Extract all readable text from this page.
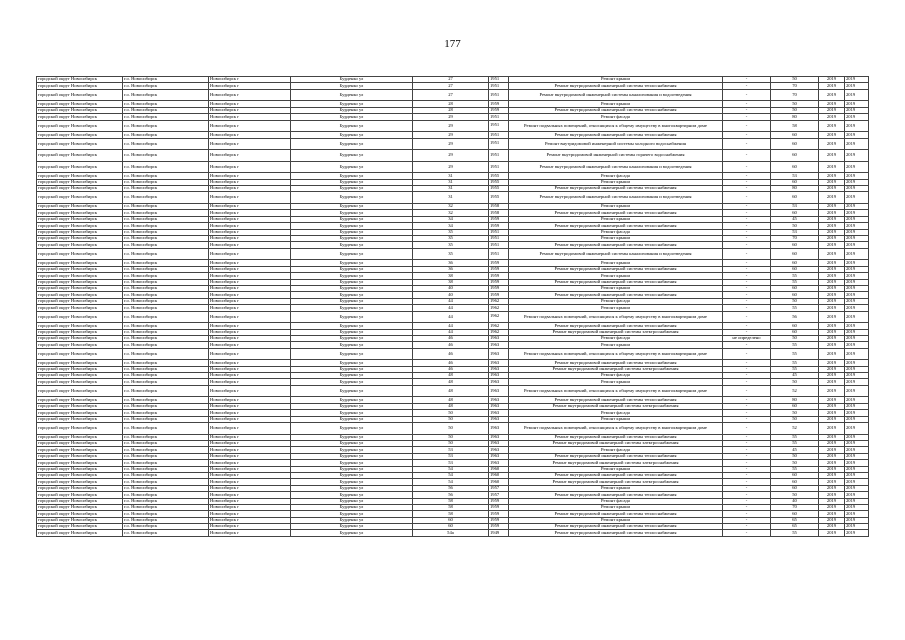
177
городской округ Новосибирск	г.о. Новосибирск	Новосибирск г	Бурденко ул	27	1951	Ремонт крыши	-	50	2019	2019
городской округ Новосибирск	г.о. Новосибирск	Новосибирск г	Бурденко ул	27	1951	Ремонт внутридомовой инженерной системы теплоснабжения	-	70	2019	2019
городской округ Новосибирск	г.о. Новосибирск	Новосибирск г	Бурденко ул	27	1951	Ремонт внутридомовой инженерной системы канализования и водоотведения	-	70	2019	2019
городской округ Новосибирск	г.о. Новосибирск	Новосибирск г	Бурденко ул	28	1959	Ремонт крыши	-	50	2019	2019
городской округ Новосибирск	г.о. Новосибирск	Новосибирск г	Бурденко ул	28	1959	Ремонт внутридомовой инженерной системы теплоснабжения	-	50	2019	2019
городской округ Новосибирск	г.о. Новосибирск	Новосибирск г	Бурденко ул	29	1951	Ремонт фасада	-	80	2019	2019
городской округ Новосибирск	г.о. Новосибирск	Новосибирск г	Бурденко ул	29	1951	Ремонт подвальных помещений, относящихся к общему имуществу в многоквартирном доме	-	58	2019	2019
городской округ Новосибирск	г.о. Новосибирск	Новосибирск г	Бурденко ул	29	1951	Ремонт внутридомовой инженерной системы теплоснабжения	-	60	2019	2019
городской округ Новосибирск	г.о. Новосибирск	Новосибирск г	Бурденко ул	29	1951	Ремонт внутридомовой инженерной системы холодного водоснабжения	-	60	2019	2019
городской округ Новосибирск	г.о. Новосибирск	Новосибирск г	Бурденко ул	29	1951	Ремонт внутридомовой инженерной системы горячего водоснабжения	-	60	2019	2019
городской округ Новосибирск	г.о. Новосибирск	Новосибирск г	Бурденко ул	29	1951	Ремонт внутридомовой инженерной системы канализования и водоотведения	-	60	2019	2019
городской округ Новосибирск	г.о. Новосибирск	Новосибирск г	Бурденко ул	31	1955	Ремонт фасада	-	53	2019	2019
городской округ Новосибирск	г.о. Новосибирск	Новосибирск г	Бурденко ул	31	1955	Ремонт крыши	-	60	2019	2019
городской округ Новосибирск	г.о. Новосибирск	Новосибирск г	Бурденко ул	31	1955	Ремонт внутридомовой инженерной системы теплоснабжения	-	80	2019	2019
городской округ Новосибирск	г.о. Новосибирск	Новосибирск г	Бурденко ул	31	1955	Ремонт внутридомовой инженерной системы канализования и водоотведения	-	60	2019	2019
городской округ Новосибирск	г.о. Новосибирск	Новосибирск г	Бурденко ул	32	1958	Ремонт крыши	-	53	2019	2019
городской округ Новосибирск	г.о. Новосибирск	Новосибирск г	Бурденко ул	32	1958	Ремонт внутридомовой инженерной системы теплоснабжения	-	60	2019	2019
городской округ Новосибирск	г.о. Новосибирск	Новосибирск г	Бурденко ул	34	1959	Ремонт крыши	-	45	2019	2019
городской округ Новосибирск	г.о. Новосибирск	Новосибирск г	Бурденко ул	34	1959	Ремонт внутридомовой инженерной системы теплоснабжения	-	50	2019	2019
городской округ Новосибирск	г.о. Новосибирск	Новосибирск г	Бурденко ул	35	1951	Ремонт фасада	-	53	2019	2019
городской округ Новосибирск	г.о. Новосибирск	Новосибирск г	Бурденко ул	35	1951	Ремонт крыши	-	70	2019	2019
городской округ Новосибирск	г.о. Новосибирск	Новосибирск г	Бурденко ул	35	1951	Ремонт внутридомовой инженерной системы теплоснабжения	-	60	2019	2019
городской округ Новосибирск	г.о. Новосибирск	Новосибирск г	Бурденко ул	35	1951	Ремонт внутридомовой инженерной системы канализования и водоотведения	-	60	2019	2019
городской округ Новосибирск	г.о. Новосибирск	Новосибирск г	Бурденко ул	36	1959	Ремонт крыши	-	60	2019	2019
городской округ Новосибирск	г.о. Новосибирск	Новосибирск г	Бурденко ул	36	1959	Ремонт внутридомовой инженерной системы теплоснабжения	-	60	2019	2019
городской округ Новосибирск	г.о. Новосибирск	Новосибирск г	Бурденко ул	38	1959	Ремонт крыши	-	55	2019	2019
городской округ Новосибирск	г.о. Новосибирск	Новосибирск г	Бурденко ул	38	1959	Ремонт внутридомовой инженерной системы теплоснабжения	-	55	2019	2019
городской округ Новосибирск	г.о. Новосибирск	Новосибирск г	Бурденко ул	40	1959	Ремонт крыши	-	60	2019	2019
городской округ Новосибирск	г.о. Новосибирск	Новосибирск г	Бурденко ул	40	1959	Ремонт внутридомовой инженерной системы теплоснабжения	-	60	2019	2019
городской округ Новосибирск	г.о. Новосибирск	Новосибирск г	Бурденко ул	44	1962	Ремонт фасада	-	50	2019	2019
городской округ Новосибирск	г.о. Новосибирск	Новосибирск г	Бурденко ул	44	1962	Ремонт крыши	-	55	2019	2019
городской округ Новосибирск	г.о. Новосибирск	Новосибирск г	Бурденко ул	44	1962	Ремонт подвальных помещений, относящихся к общему имуществу в многоквартирном доме	-	56	2019	2019
городской округ Новосибирск	г.о. Новосибирск	Новосибирск г	Бурденко ул	44	1962	Ремонт внутридомовой инженерной системы теплоснабжения	-	60	2019	2019
городской округ Новосибирск	г.о. Новосибирск	Новосибирск г	Бурденко ул	44	1962	Ремонт внутридомовой инженерной системы электроснабжения	-	60	2019	2019
городской округ Новосибирск	г.о. Новосибирск	Новосибирск г	Бурденко ул	46	1963	Ремонт фасада	не определено	50	2019	2019
городской округ Новосибирск	г.о. Новосибирск	Новосибирск г	Бурденко ул	46	1963	Ремонт крыши	-	55	2019	2019
городской округ Новосибирск	г.о. Новосибирск	Новосибирск г	Бурденко ул	46	1963	Ремонт подвальных помещений, относящихся к общему имуществу в многоквартирном доме	-	55	2019	2019
городской округ Новосибирск	г.о. Новосибирск	Новосибирск г	Бурденко ул	46	1963	Ремонт внутридомовой инженерной системы теплоснабжения	-	55	2019	2019
городской округ Новосибирск	г.о. Новосибирск	Новосибирск г	Бурденко ул	46	1963	Ремонт внутридомовой инженерной системы электроснабжения	-	55	2019	2019
городской округ Новосибирск	г.о. Новосибирск	Новосибирск г	Бурденко ул	48	1963	Ремонт фасада	-	45	2019	2019
городской округ Новосибирск	г.о. Новосибирск	Новосибирск г	Бурденко ул	48	1963	Ремонт крыши	-	50	2019	2019
городской округ Новосибирск	г.о. Новосибирск	Новосибирск г	Бурденко ул	48	1963	Ремонт подвальных помещений, относящихся к общему имуществу в многоквартирном доме	-	52	2019	2019
городской округ Новосибирск	г.о. Новосибирск	Новосибирск г	Бурденко ул	48	1963	Ремонт внутридомовой инженерной системы теплоснабжения	-	80	2019	2019
городской округ Новосибирск	г.о. Новосибирск	Новосибирск г	Бурденко ул	48	1963	Ремонт внутридомовой инженерной системы электроснабжения	-	60	2019	2019
городской округ Новосибирск	г.о. Новосибирск	Новосибирск г	Бурденко ул	50	1963	Ремонт фасада	-	50	2019	2019
городской округ Новосибирск	г.о. Новосибирск	Новосибирск г	Бурденко ул	50	1963	Ремонт крыши	-	50	2019	2019
городской округ Новосибирск	г.о. Новосибирск	Новосибирск г	Бурденко ул	50	1963	Ремонт подвальных помещений, относящихся к общему имуществу в многоквартирном доме	-	52	2019	2019
городской округ Новосибирск	г.о. Новосибирск	Новосибирск г	Бурденко ул	50	1963	Ремонт внутридомовой инженерной системы теплоснабжения	-	55	2019	2019
городской округ Новосибирск	г.о. Новосибирск	Новосибирск г	Бурденко ул	50	1963	Ремонт внутридомовой инженерной системы электроснабжения	-	55	2019	2019
городской округ Новосибирск	г.о. Новосибирск	Новосибирск г	Бурденко ул	53	1963	Ремонт фасада	-	45	2019	2019
городской округ Новосибирск	г.о. Новосибирск	Новосибирск г	Бурденко ул	53	1963	Ремонт внутридомовой инженерной системы теплоснабжения	-	50	2019	2019
городской округ Новосибирск	г.о. Новосибирск	Новосибирск г	Бурденко ул	53	1963	Ремонт внутридомовой инженерной системы электроснабжения	-	50	2019	2019
городской округ Новосибирск	г.о. Новосибирск	Новосибирск г	Бурденко ул	54	1960	Ремонт крыши	-	55	2019	2019
городской округ Новосибирск	г.о. Новосибирск	Новосибирск г	Бурденко ул	54	1960	Ремонт внутридомовой инженерной системы теплоснабжения	-	60	2019	2019
городской округ Новосибирск	г.о. Новосибирск	Новосибирск г	Бурденко ул	54	1960	Ремонт внутридомовой инженерной системы электроснабжения	-	60	2019	2019
городской округ Новосибирск	г.о. Новосибирск	Новосибирск г	Бурденко ул	56	1957	Ремонт крыши	-	60	2019	2019
городской округ Новосибирск	г.о. Новосибирск	Новосибирск г	Бурденко ул	56	1957	Ремонт внутридомовой инженерной системы теплоснабжения	-	50	2019	2019
городской округ Новосибирск	г.о. Новосибирск	Новосибирск г	Бурденко ул	58	1959	Ремонт фасада	-	40	2019	2019
городской округ Новосибирск	г.о. Новосибирск	Новосибирск г	Бурденко ул	58	1959	Ремонт крыши	-	70	2019	2019
городской округ Новосибирск	г.о. Новосибирск	Новосибирск г	Бурденко ул	58	1959	Ремонт внутридомовой инженерной системы теплоснабжения	-	60	2019	2019
городской округ Новосибирск	г.о. Новосибирск	Новосибирск г	Бурденко ул	60	1959	Ремонт крыши	-	65	2019	2019
городской округ Новосибирск	г.о. Новосибирск	Новосибирск г	Бурденко ул	60	1959	Ремонт внутридомовой инженерной системы теплоснабжения	-	65	2019	2019
городской округ Новосибирск	г.о. Новосибирск	Новосибирск г	Бурденко ул	54а	1949	Ремонт внутридомовой инженерной системы теплоснабжения	-	55	2019	2019
